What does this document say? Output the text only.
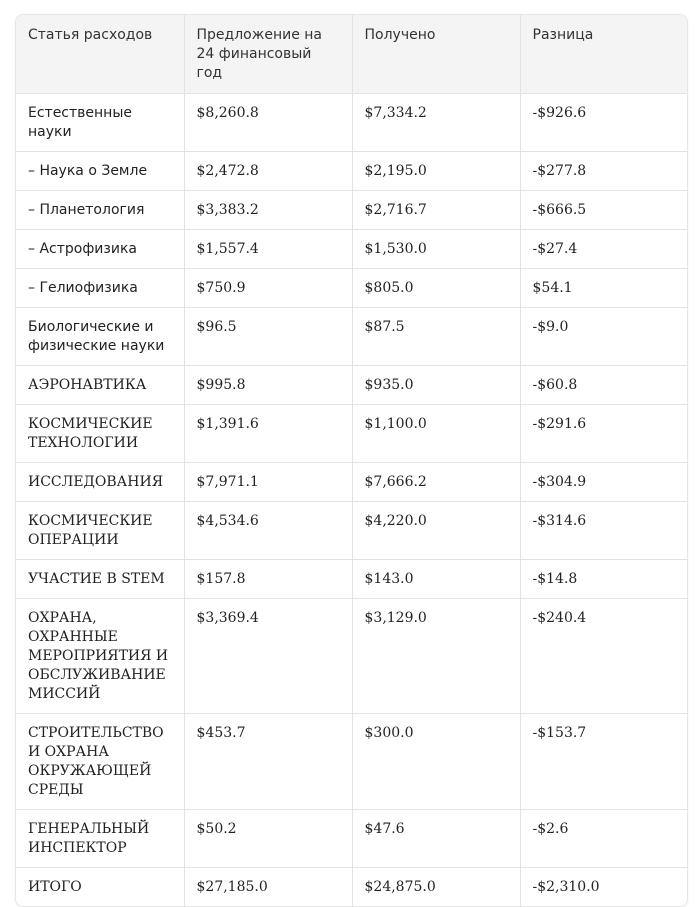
Статья расходов	Предложение на 24 финансовый год	Получено	Разница
Естественные науки	$8,260.8	$7,334.2	-$926.6
– Наука о Земле	$2,472.8	$2,195.0	-$277.8
– Планетология	$3,383.2	$2,716.7	-$666.5
– Астрофизика	$1,557.4	$1,530.0	-$27.4
– Гелиофизика	$750.9	$805.0	$54.1
Биологические и физические науки	$96.5	$87.5	-$9.0
АЭРОНАВТИКА	$995.8	$935.0	-$60.8
КОСМИЧЕСКИЕ ТЕХНОЛОГИИ	$1,391.6	$1,100.0	-$291.6
ИССЛЕДОВАНИЯ	$7,971.1	$7,666.2	-$304.9
КОСМИЧЕСКИЕ ОПЕРАЦИИ	$4,534.6	$4,220.0	-$314.6
УЧАСТИЕ В STEM	$157.8	$143.0	-$14.8
ОХРАНА, ОХРАННЫЕ МЕРОПРИЯТИЯ И ОБСЛУЖИВАНИЕ МИССИЙ	$3,369.4	$3,129.0	-$240.4
СТРОИТЕЛЬСТВО И ОХРАНА ОКРУЖАЮЩЕЙ СРЕДЫ	$453.7	$300.0	-$153.7
ГЕНЕРАЛЬНЫЙ ИНСПЕКТОР	$50.2	$47.6	-$2.6
ИТОГО	$27,185.0	$24,875.0	-$2,310.0
